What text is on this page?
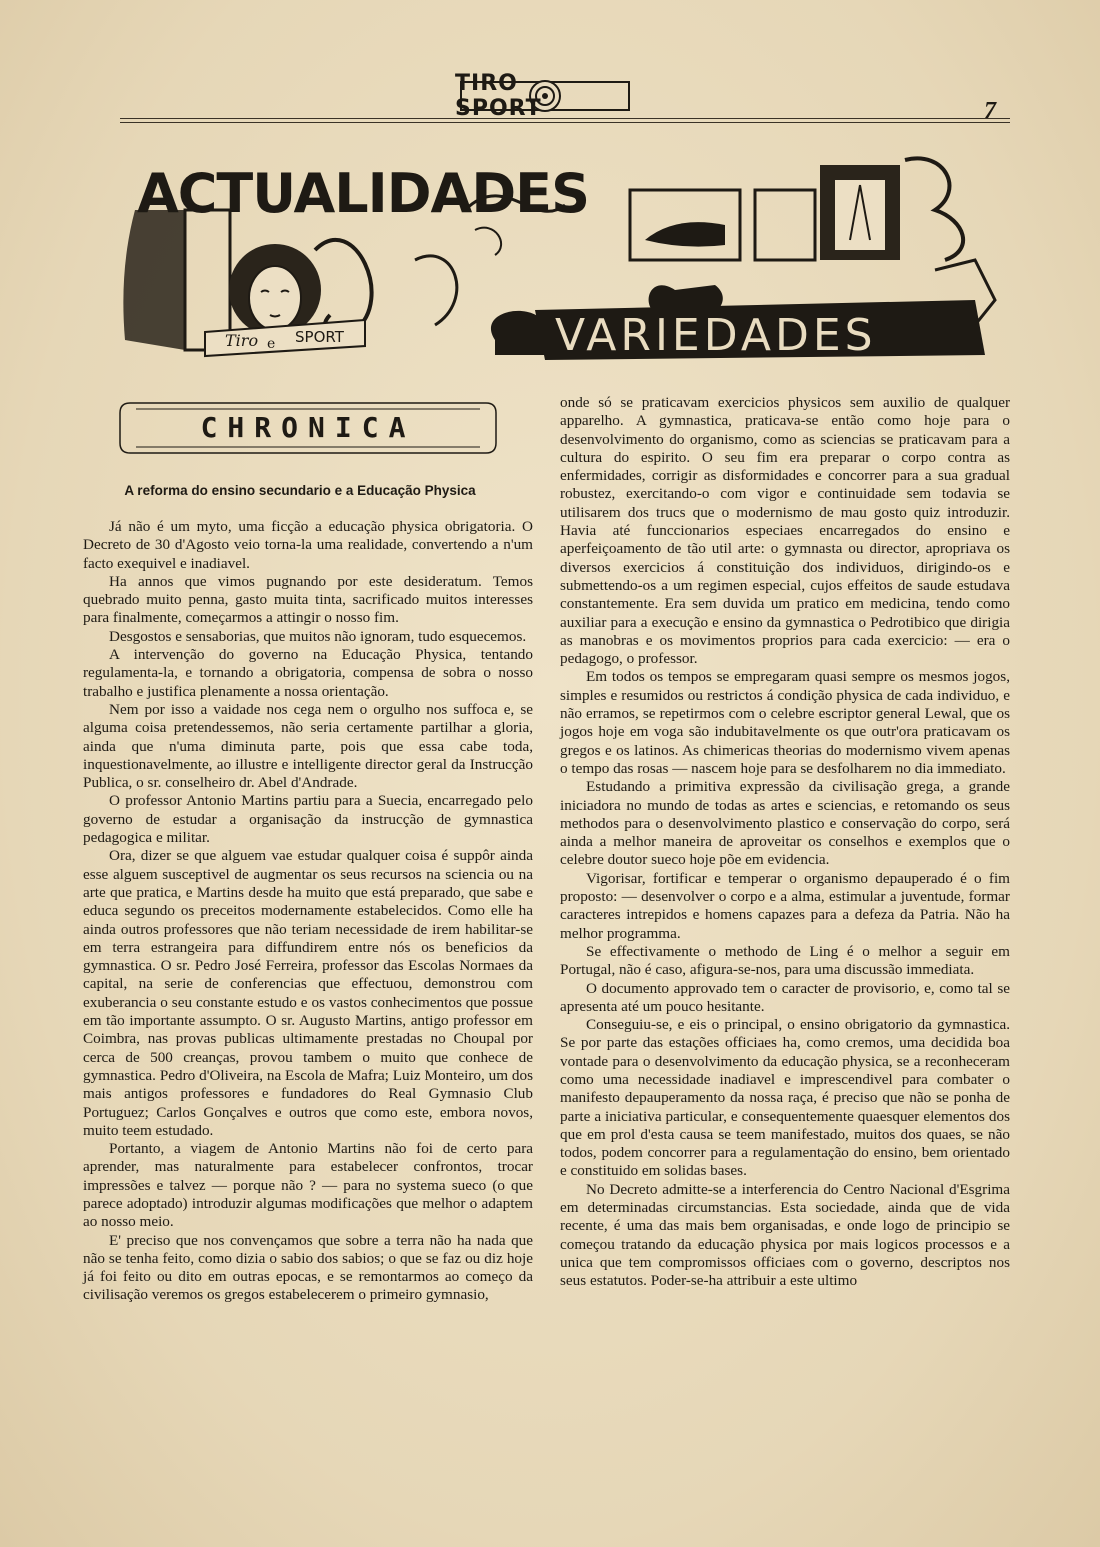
TIRO SPORT	7
ACTUALIDADES
Tiro e SPORT	VARIEDADES
CHRONICA
A reforma do ensino secundario e a Educação Physica

Já não é um myto, uma ficção a educação physica obrigatoria. O Decreto de 30 d'Agosto veio torna-la uma realidade, convertendo a n'um facto exequivel e inadiavel.

Ha annos que vimos pugnando por este desideratum. Temos quebrado muito penna, gasto muita tinta, sacrificado muitos interesses para finalmente, começarmos a attingir o nosso fim.

Desgostos e sensaborias, que muitos não ignoram, tudo esquecemos.

A intervenção do governo na Educação Physica, tentando regulamenta-la, e tornando a obrigatoria, compensa de sobra o nosso trabalho e justifica plenamente a nossa orientação.

Nem por isso a vaidade nos cega nem o orgulho nos suffoca e, se alguma coisa pretendessemos, não seria certamente partilhar a gloria, ainda que n'uma diminuta parte, pois que essa cabe toda, inquestionavelmente, ao illustre e intelligente director geral da Instrucção Publica, o sr. conselheiro dr. Abel d'Andrade.

O professor Antonio Martins partiu para a Suecia, encarregado pelo governo de estudar a organisação da instrucção de gymnastica pedagogica e militar.

Ora, dizer se que alguem vae estudar qualquer coisa é suppôr ainda esse alguem susceptivel de augmentar os seus recursos na sciencia ou na arte que pratica, e Martins desde ha muito que está preparado, que sabe e educa segundo os preceitos modernamente estabelecidos. Como elle ha ainda outros professores que não teriam necessidade de irem habilitar-se em terra estrangeira para diffundirem entre nós os beneficios da gymnastica. O sr. Pedro José Ferreira, professor das Escolas Normaes da capital, na serie de conferencias que effectuou, demonstrou com exuberancia o seu constante estudo e os vastos conhecimentos que possue em tão importante assumpto. O sr. Augusto Martins, antigo professor em Coimbra, nas provas publicas ultimamente prestadas no Choupal por cerca de 500 creanças, provou tambem o muito que conhece de gymnastica. Pedro d'Oliveira, na Escola de Mafra; Luiz Monteiro, um dos mais antigos professores e fundadores do Real Gymnasio Club Portuguez; Carlos Gonçalves e outros que como este, embora novos, muito teem estudado.

Portanto, a viagem de Antonio Martins não foi de certo para aprender, mas naturalmente para estabelecer confrontos, trocar impressões e talvez — porque não ? — para no systema sueco (o que parece adoptado) introduzir algumas modificações que melhor o adaptem ao nosso meio.

E' preciso que nos convençamos que sobre a terra não ha nada que não se tenha feito, como dizia o sabio dos sabios; o que se faz ou diz hoje já foi feito ou dito em outras epocas, e se remontarmos ao começo da civilisação veremos os gregos estabelecerem o primeiro gymnasio,

onde só se praticavam exercicios physicos sem auxilio de qualquer apparelho. A gymnastica, praticava-se então como hoje para o desenvolvimento do organismo, como as sciencias se praticavam para a cultura do espirito. O seu fim era preparar o corpo contra as enfermidades, corrigir as disformidades e concorrer para a sua gradual robustez, exercitando-o com vigor e continuidade sem todavia se utilisarem dos trucs que o modernismo de mau gosto quiz introduzir. Havia até funccionarios especiaes encarregados do ensino e aperfeiçoamento de tão util arte: o gymnasta ou director, apropriava os diversos exercicios á constituição dos individuos, dirigindo-os e submettendo-os a um regimen especial, cujos effeitos de saude estudava constantemente. Era sem duvida um pratico em medicina, tendo como auxiliar para a execução e ensino da gymnastica o Pedrotibico que dirigia as manobras e os movimentos proprios para cada exercicio: — era o pedagogo, o professor.

Em todos os tempos se empregaram quasi sempre os mesmos jogos, simples e resumidos ou restrictos á condição physica de cada individuo, e não erramos, se repetirmos com o celebre escriptor general Lewal, que os jogos hoje em voga são indubitavelmente os que outr'ora praticavam os gregos e os latinos. As chimericas theorias do modernismo vivem apenas o tempo das rosas — nascem hoje para se desfolharem no dia immediato.

Estudando a primitiva expressão da civilisação grega, a grande iniciadora no mundo de todas as artes e sciencias, e retomando os seus methodos para o desenvolvimento plastico e conservação do corpo, será ainda a melhor maneira de aproveitar os conselhos e exemplos que o celebre doutor sueco hoje põe em evidencia.

Vigorisar, fortificar e temperar o organismo depauperado é o fim proposto: — desenvolver o corpo e a alma, estimular a juventude, formar caracteres intrepidos e homens capazes para a defeza da Patria. Não ha melhor programma.

Se effectivamente o methodo de Ling é o melhor a seguir em Portugal, não é caso, afigura-se-nos, para uma discussão immediata.

O documento approvado tem o caracter de provisorio, e, como tal se apresenta até um pouco hesitante.

Conseguiu-se, e eis o principal, o ensino obrigatorio da gymnastica. Se por parte das estações officiaes ha, como cremos, uma decidida boa vontade para o desenvolvimento da educação physica, se a reconheceram como uma necessidade inadiavel e imprescendivel para combater o manifesto depauperamento da nossa raça, é preciso que não se ponha de parte a iniciativa particular, e consequentemente quaesquer elementos dos que em prol d'esta causa se teem manifestado, muitos dos quaes, se não todos, podem concorrer para a regulamentação do ensino, bem orientado e constituido em solidas bases.

No Decreto admitte-se a interferencia do Centro Nacional d'Esgrima em determinadas circumstancias. Esta sociedade, ainda que de vida recente, é uma das mais bem organisadas, e onde logo de principio se começou tratando da educação physica por mais logicos processos e a unica que tem compromissos officiaes com o governo, descriptos nos seus estatutos. Poder-se-ha attribuir a este ultimo
